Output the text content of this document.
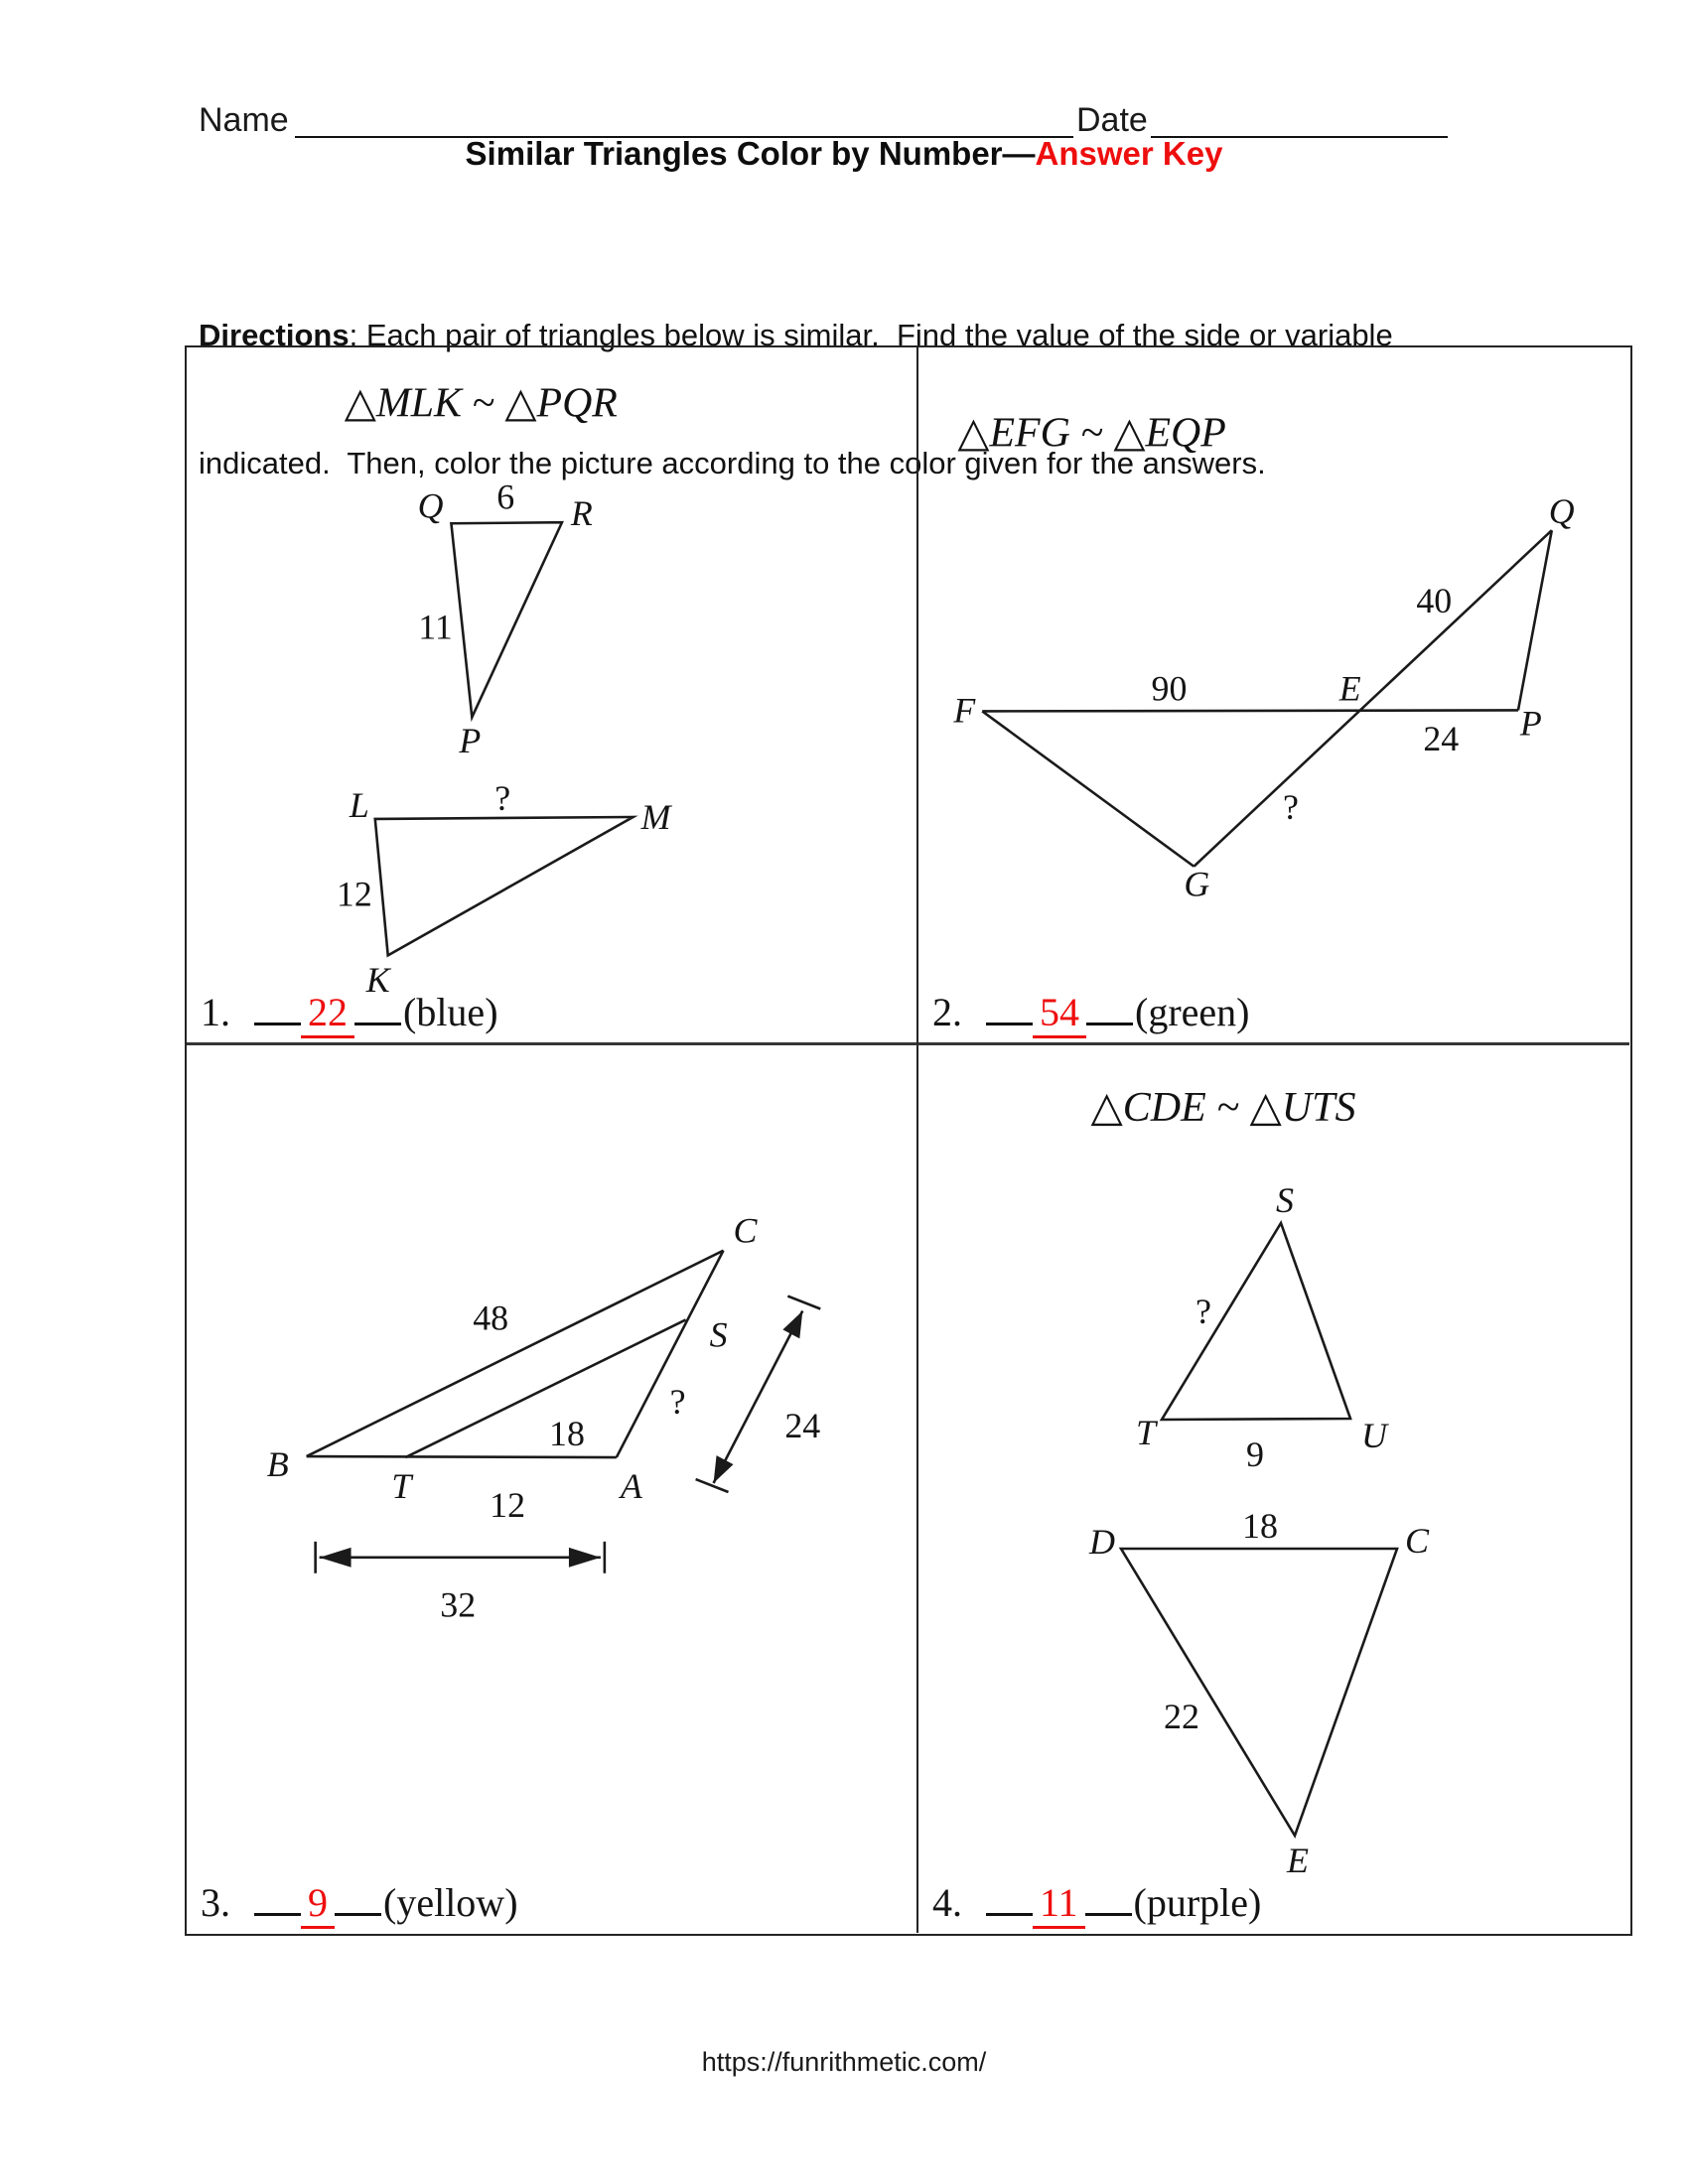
Name	Date
Similar Triangles Color by Number—Answer Key

Directions: Each pair of triangles below is similar.  Find the value of the side or variable

indicated.  Then, color the picture according to the color given for the answers.

△MLK ~ △PQR
Q 6 R
11
P
L	?	M
12
K
1.	22 (blue)
△EFG ~ △EQP
F
90	E
Q
40
24 P
?
G
2.	54 (green)
B
48
C
S
T	A
18
?
12
32
24
3.	9 (yellow)
△CDE ~ △UTS
S
?
T	U
9
D	C
18
22
E
4.	11 (purple)
https://funrithmetic.com/
